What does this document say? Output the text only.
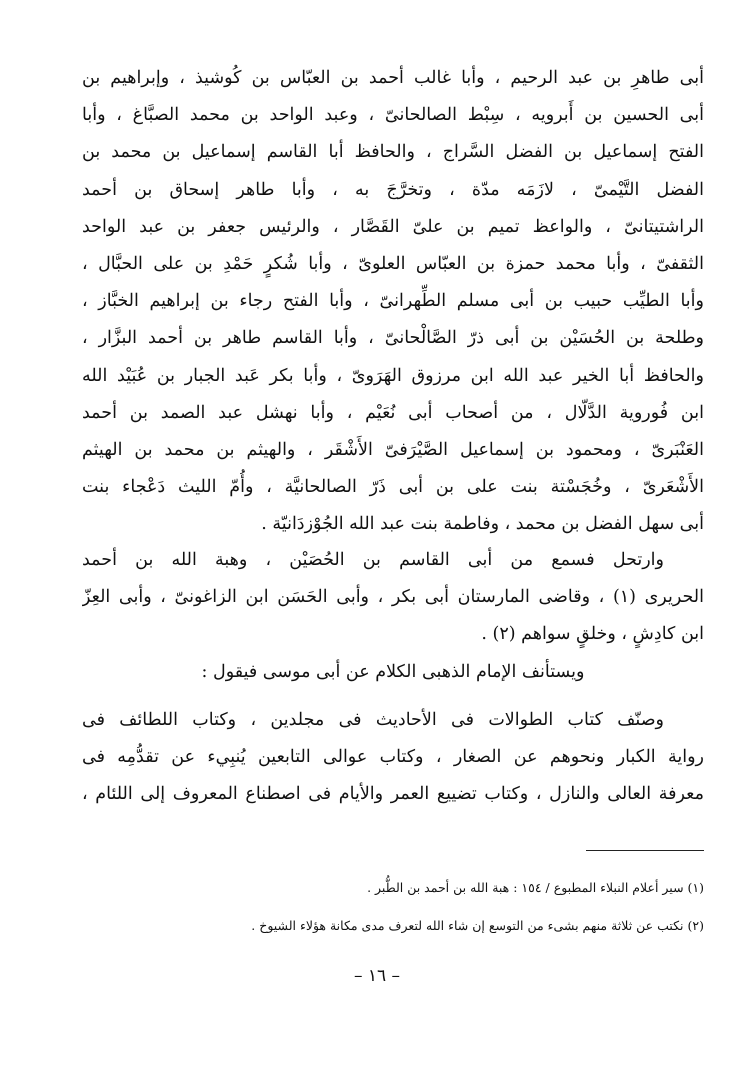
أبى طاهرِ بن عبد الرحيم ، وأبا غالب أحمد بن العبّاس بن كُوشيذ ، وإبراهيم بن
أبى الحسين بن أَبرويه ، سِبْط الصالحانىّ ، وعبد الواحد بن محمد الصبَّاغ ، وأبا
الفتح إسماعيل بن الفضل السَّراج ، والحافظ أبا القاسم إسماعيل بن محمد بن
الفضل التَّيْمىّ ، لازَمَه مدّة ، وتخرَّجَ به ، وأبا طاهر إسحاق بن أحمد
الراشتيتانىّ ، والواعظ تميم بن علىّ القَصَّار ، والرئيس جعفر بن عبد الواحد
الثقفىّ ، وأبا محمد حمزة بن العبّاس العلوىّ ، وأبا شُكرٍ حَمْدِ بن على الحبَّال ،
وأبا الطيِّب حبيب بن أبى مسلم الطِّهرانىّ ، وأبا الفتح رجاء بن إبراهيم الخبَّاز ،
وطلحة بن الحُسَيْن بن أبى ذرّ الصَّالْحانىّ ، وأبا القاسم طاهر بن أحمد البزَّار ،
والحافظ أبا الخير عبد الله ابن مرزوق الهَرَوىّ ، وأبا بكر عَبد الجبار بن عُبَيْد الله
ابن فُوروية الدَّلّال ، من أصحاب أبى نُعَيْم ، وأبا نهشل عبد الصمد بن أحمد
العَنْبَرىّ ، ومحمود بن إسماعيل الصَّيْرَفىّ الأَشْقَر ، والهيثم بن محمد بن الهيثم
الأَشْعَرىّ ، وخُجَسْتة بنت على بن أبى ذَرّ الصالحانيَّة ، وأُمّ الليث دَعْجاء بنت
أبى سهل الفضل بن محمد ، وفاطمة بنت عبد الله الجُوْزدَانيّة .
وارتحل فسمع من أبى القاسم بن الحُصَيْن ، وهبة الله بن أحمد
الحريرى (١) ، وقاضى المارستان أبى بكر ، وأبى الحَسَن ابن الزاغونىّ ، وأبى العِزّ
ابن كادِشٍ ، وخلقٍ سواهم (٢) .
ويستأنف الإمام الذهبى الكلام عن أبى موسى فيقول :
وصنّف كتاب الطوالات فى الأحاديث فى مجلدين ، وكتاب اللطائف فى
رواية الكبار ونحوهم عن الصغار ، وكتاب عوالى التابعين يُنبِيء عن تقدُّمِه فى
معرفة العالى والنازل ، وكتاب تضييع العمر والأيام فى اصطناع المعروف إلى اللئام ،
(١) سير أعلام النبلاء المطبوع / ١٥٤ : هبة الله بن أحمد بن الطُّبر .
(٢) نكتب عن ثلاثة منهم بشىء من التوسع إن شاء الله لتعرف مدى مكانة هؤلاء الشيوخ .
– ١٦ –
